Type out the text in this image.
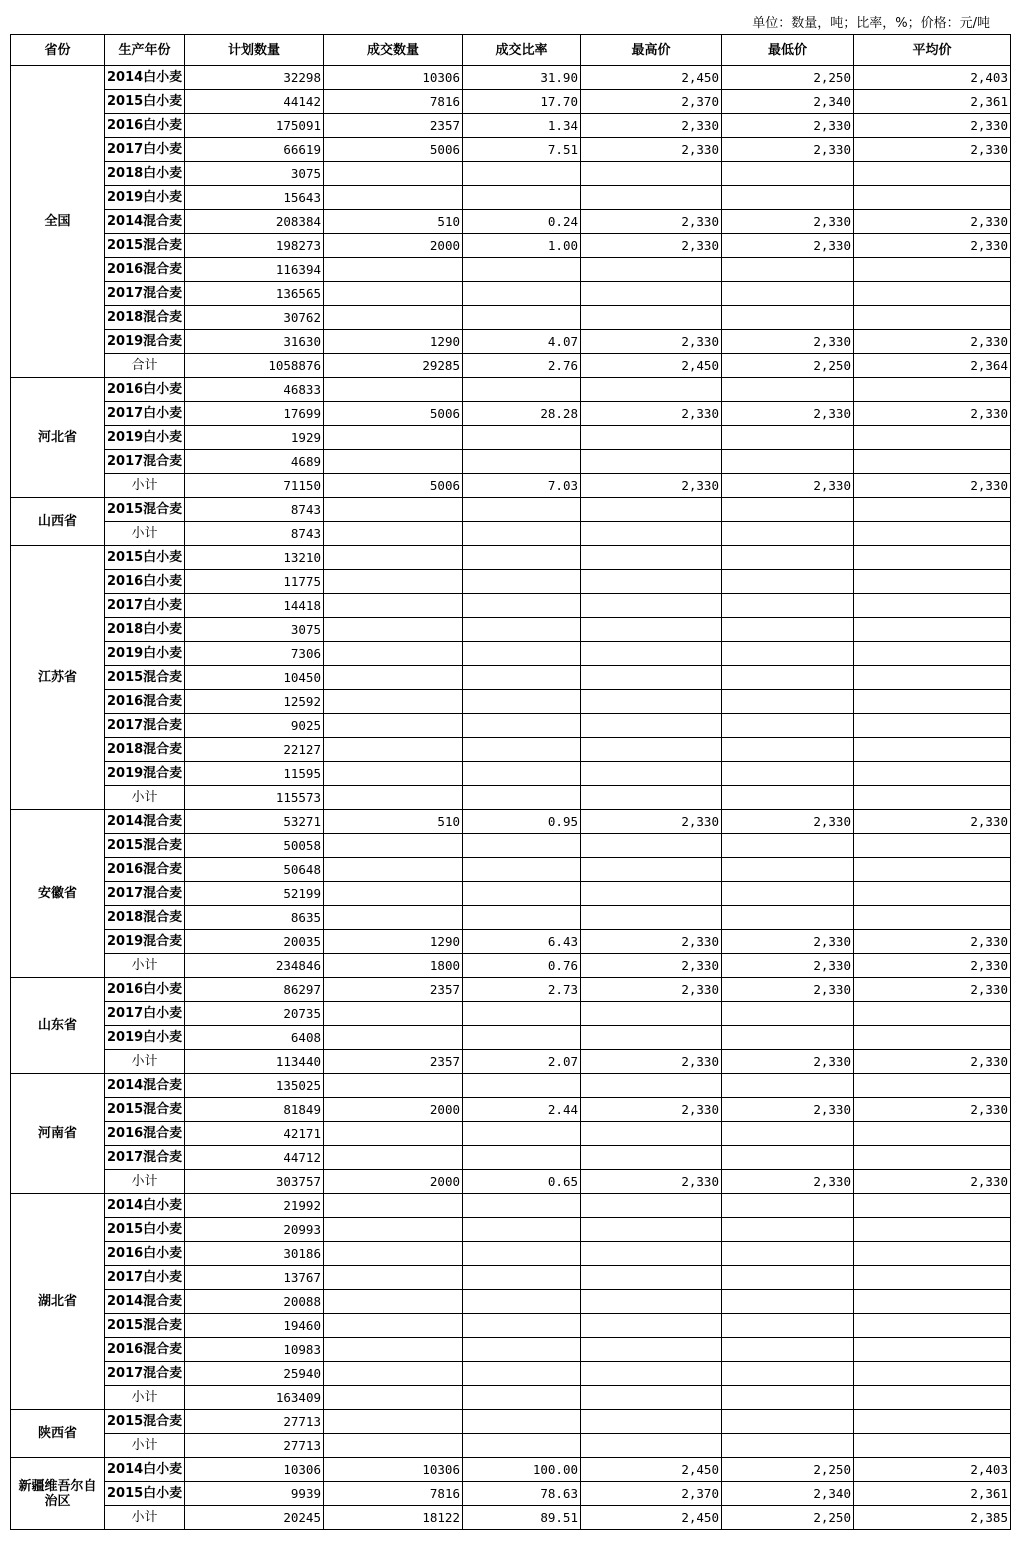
单位：数量，吨；比率，%；价格：元/吨
省份	生产年份	计划数量	成交数量	成交比率	最高价	最低价	平均价
全国	2014白小麦	32298	10306	31.90	2,450	2,250	2,403
	2015白小麦	44142	7816	17.70	2,370	2,340	2,361
	2016白小麦	175091	2357	1.34	2,330	2,330	2,330
	2017白小麦	66619	5006	7.51	2,330	2,330	2,330
	2018白小麦	3075					
	2019白小麦	15643					
	2014混合麦	208384	510	0.24	2,330	2,330	2,330
	2015混合麦	198273	2000	1.00	2,330	2,330	2,330
	2016混合麦	116394					
	2017混合麦	136565					
	2018混合麦	30762					
	2019混合麦	31630	1290	4.07	2,330	2,330	2,330
	合计	1058876	29285	2.76	2,450	2,250	2,364
河北省	2016白小麦	46833					
	2017白小麦	17699	5006	28.28	2,330	2,330	2,330
	2019白小麦	1929					
	2017混合麦	4689					
	小计	71150	5006	7.03	2,330	2,330	2,330
山西省	2015混合麦	8743					
	小计	8743					
江苏省	2015白小麦	13210					
	2016白小麦	11775					
	2017白小麦	14418					
	2018白小麦	3075					
	2019白小麦	7306					
	2015混合麦	10450					
	2016混合麦	12592					
	2017混合麦	9025					
	2018混合麦	22127					
	2019混合麦	11595					
	小计	115573					
安徽省	2014混合麦	53271	510	0.95	2,330	2,330	2,330
	2015混合麦	50058					
	2016混合麦	50648					
	2017混合麦	52199					
	2018混合麦	8635					
	2019混合麦	20035	1290	6.43	2,330	2,330	2,330
	小计	234846	1800	0.76	2,330	2,330	2,330
山东省	2016白小麦	86297	2357	2.73	2,330	2,330	2,330
	2017白小麦	20735					
	2019白小麦	6408					
	小计	113440	2357	2.07	2,330	2,330	2,330
河南省	2014混合麦	135025					
	2015混合麦	81849	2000	2.44	2,330	2,330	2,330
	2016混合麦	42171					
	2017混合麦	44712					
	小计	303757	2000	0.65	2,330	2,330	2,330
湖北省	2014白小麦	21992					
	2015白小麦	20993					
	2016白小麦	30186					
	2017白小麦	13767					
	2014混合麦	20088					
	2015混合麦	19460					
	2016混合麦	10983					
	2017混合麦	25940					
	小计	163409					
陕西省	2015混合麦	27713					
	小计	27713					
新疆维吾尔自治区	2014白小麦	10306	10306	100.00	2,450	2,250	2,403
	2015白小麦	9939	7816	78.63	2,370	2,340	2,361
	小计	20245	18122	89.51	2,450	2,250	2,385
